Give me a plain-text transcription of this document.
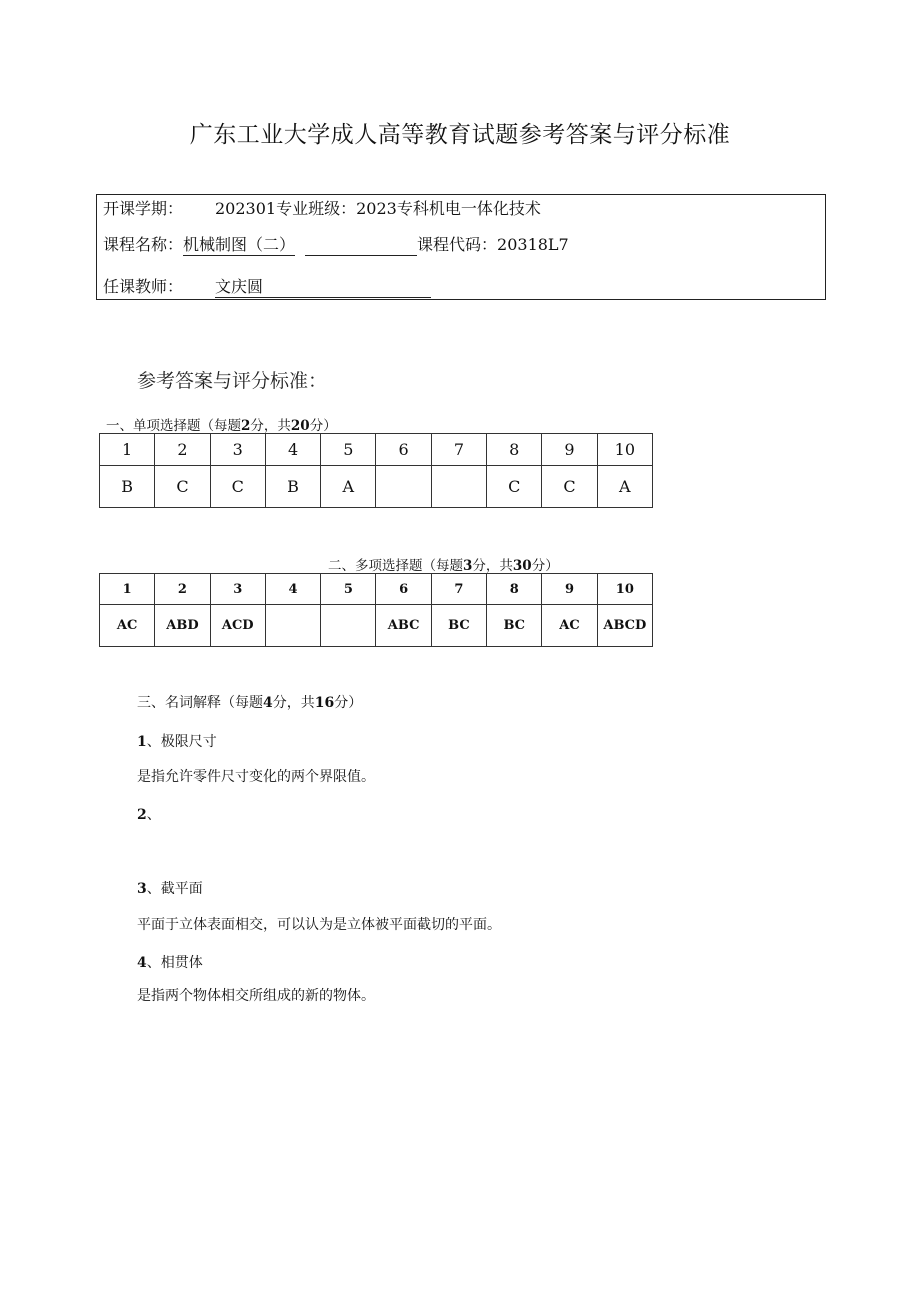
广东工业大学成人高等教育试题参考答案与评分标准
开课学期： 202301专业班级：2023专科机电一体化技术
课程名称：机械制图（二）	课程代码：20318L7
任课教师： 文庆圆
参考答案与评分标准：
一、单项选择题（每题2分，共20分）
1	2	3	4	5	6	7	8	9	10
B	C	C	B	A			C	C	A
二、多项选择题（每题3分，共30分）
1	2	3	4	5	6	7	8	9	10
AC	ABD	ACD			ABC	BC	BC	AC	ABCD
三、名词解释（每题4分，共16分）
1、极限尺寸
是指允许零件尺寸变化的两个界限值。
2、
3、截平面
平面于立体表面相交，可以认为是立体被平面截切的平面。
4、相贯体
是指两个物体相交所组成的新的物体。
